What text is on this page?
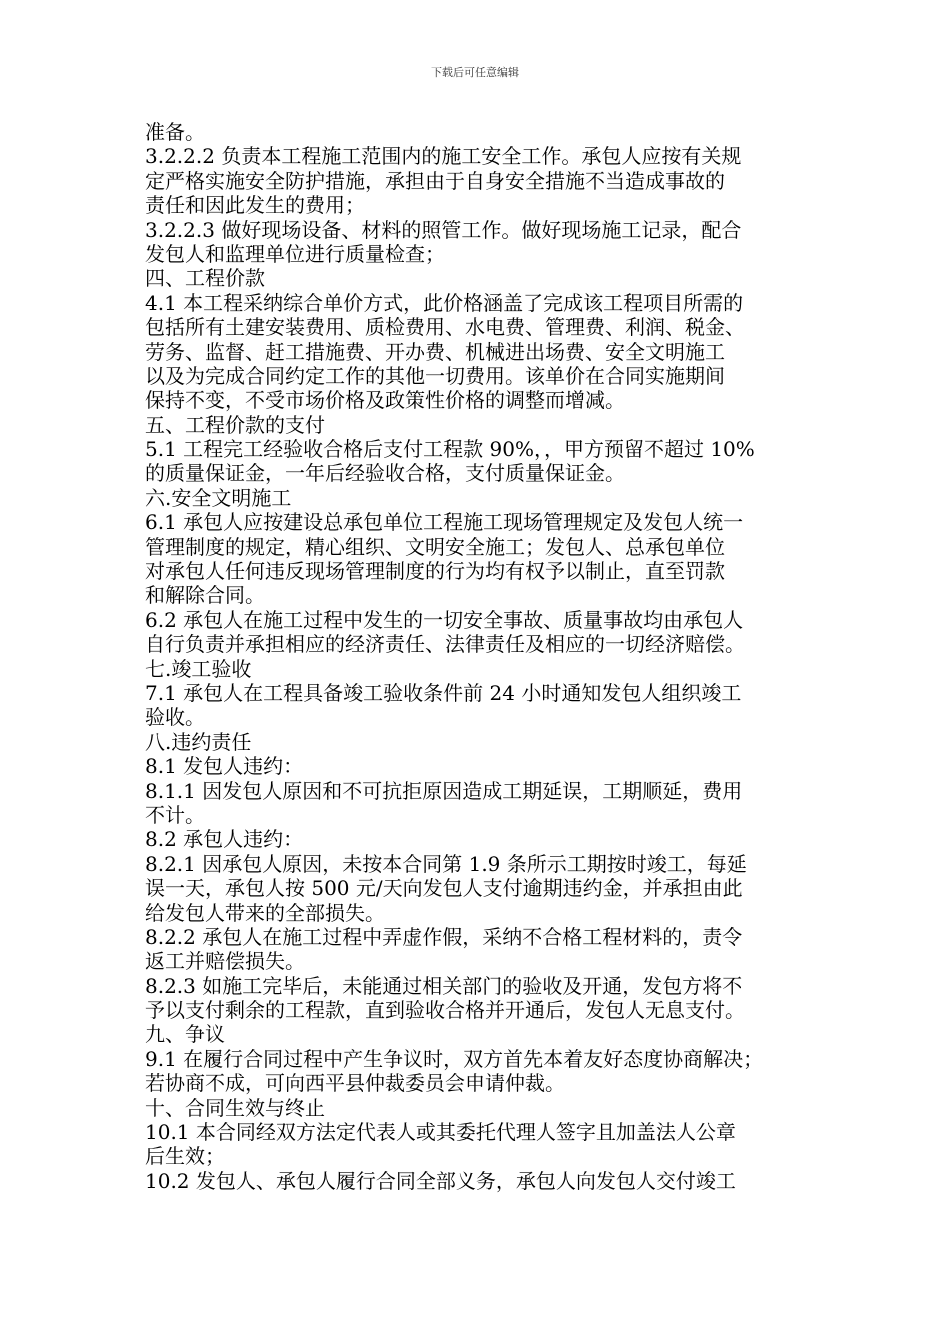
下载后可任意编辑
准备。
3.2.2.2 负责本工程施工范围内的施工安全工作。承包人应按有关规
定严格实施安全防护措施，承担由于自身安全措施不当造成事故的
责任和因此发生的费用；
3.2.2.3 做好现场设备、材料的照管工作。做好现场施工记录，配合
发包人和监理单位进行质量检查；
四、工程价款
4.1 本工程采纳综合单价方式，此价格涵盖了完成该工程项目所需的
包括所有土建安装费用、质检费用、水电费、管理费、利润、税金、
劳务、监督、赶工措施费、开办费、机械进出场费、安全文明施工
以及为完成合同约定工作的其他一切费用。该单价在合同实施期间
保持不变，不受市场价格及政策性价格的调整而增减。
五、工程价款的支付
5.1 工程完工经验收合格后支付工程款 90%，，甲方预留不超过 10%
的质量保证金，一年后经验收合格，支付质量保证金。
六.安全文明施工
6.1 承包人应按建设总承包单位工程施工现场管理规定及发包人统一
管理制度的规定，精心组织、文明安全施工；发包人、总承包单位
对承包人任何违反现场管理制度的行为均有权予以制止，直至罚款
和解除合同。
6.2 承包人在施工过程中发生的一切安全事故、质量事故均由承包人
自行负责并承担相应的经济责任、法律责任及相应的一切经济赔偿。
七.竣工验收
7.1 承包人在工程具备竣工验收条件前 24 小时通知发包人组织竣工
验收。
八.违约责任
8.1 发包人违约：
8.1.1 因发包人原因和不可抗拒原因造成工期延误，工期顺延，费用
不计。
8.2 承包人违约：
8.2.1 因承包人原因，未按本合同第 1.9 条所示工期按时竣工，每延
误一天，承包人按 500 元/天向发包人支付逾期违约金，并承担由此
给发包人带来的全部损失。
8.2.2 承包人在施工过程中弄虚作假，采纳不合格工程材料的，责令
返工并赔偿损失。
8.2.3 如施工完毕后，未能通过相关部门的验收及开通，发包方将不
予以支付剩余的工程款，直到验收合格并开通后，发包人无息支付。
九、争议
9.1 在履行合同过程中产生争议时，双方首先本着友好态度协商解决；
若协商不成，可向西平县仲裁委员会申请仲裁。
十、合同生效与终止
10.1 本合同经双方法定代表人或其委托代理人签字且加盖法人公章
后生效；
10.2 发包人、承包人履行合同全部义务，承包人向发包人交付竣工
